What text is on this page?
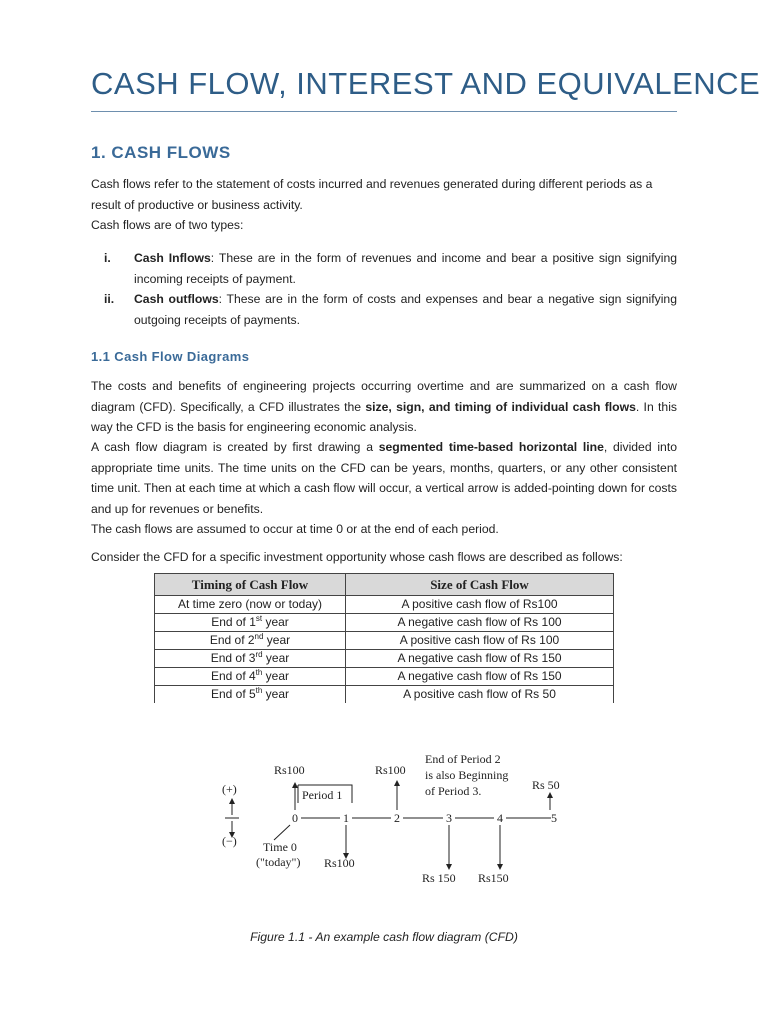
CASH FLOW, INTEREST AND EQUIVALENCE
1. CASH FLOWS
Cash flows refer to the statement of costs incurred and revenues generated during different periods as a result of productive or business activity.
Cash flows are of two types:
i. Cash Inflows: These are in the form of revenues and income and bear a positive sign signifying incoming receipts of payment.
ii. Cash outflows: These are in the form of costs and expenses and bear a negative sign signifying outgoing receipts of payments.
1.1 Cash Flow Diagrams
The costs and benefits of engineering projects occurring overtime and are summarized on a cash flow diagram (CFD). Specifically, a CFD illustrates the size, sign, and timing of individual cash flows. In this way the CFD is the basis for engineering economic analysis.
A cash flow diagram is created by first drawing a segmented time-based horizontal line, divided into appropriate time units. The time units on the CFD can be years, months, quarters, or any other consistent time unit. Then at each time at which a cash flow will occur, a vertical arrow is added-pointing down for costs and up for revenues or benefits.
The cash flows are assumed to occur at time 0 or at the end of each period.
Consider the CFD for a specific investment opportunity whose cash flows are described as follows:
Timing of Cash Flow	Size of Cash Flow
At time zero (now or today)	A positive cash flow of Rs100
End of 1st year	A negative cash flow of Rs 100
End of 2nd year	A positive cash flow of Rs 100
End of 3rd year	A negative cash flow of Rs 150
End of 4th year	A negative cash flow of Rs 150
End of 5th year	A positive cash flow of Rs 50
(+)
(−)
0	1	2	3	4	5
Rs100
Period 1
Rs100
End of Period 2
is also Beginning
of Period 3.	Rs 50
Time 0
("today") Rs100
Rs 150 Rs150
Figure 1.1 - An example cash flow diagram (CFD)
